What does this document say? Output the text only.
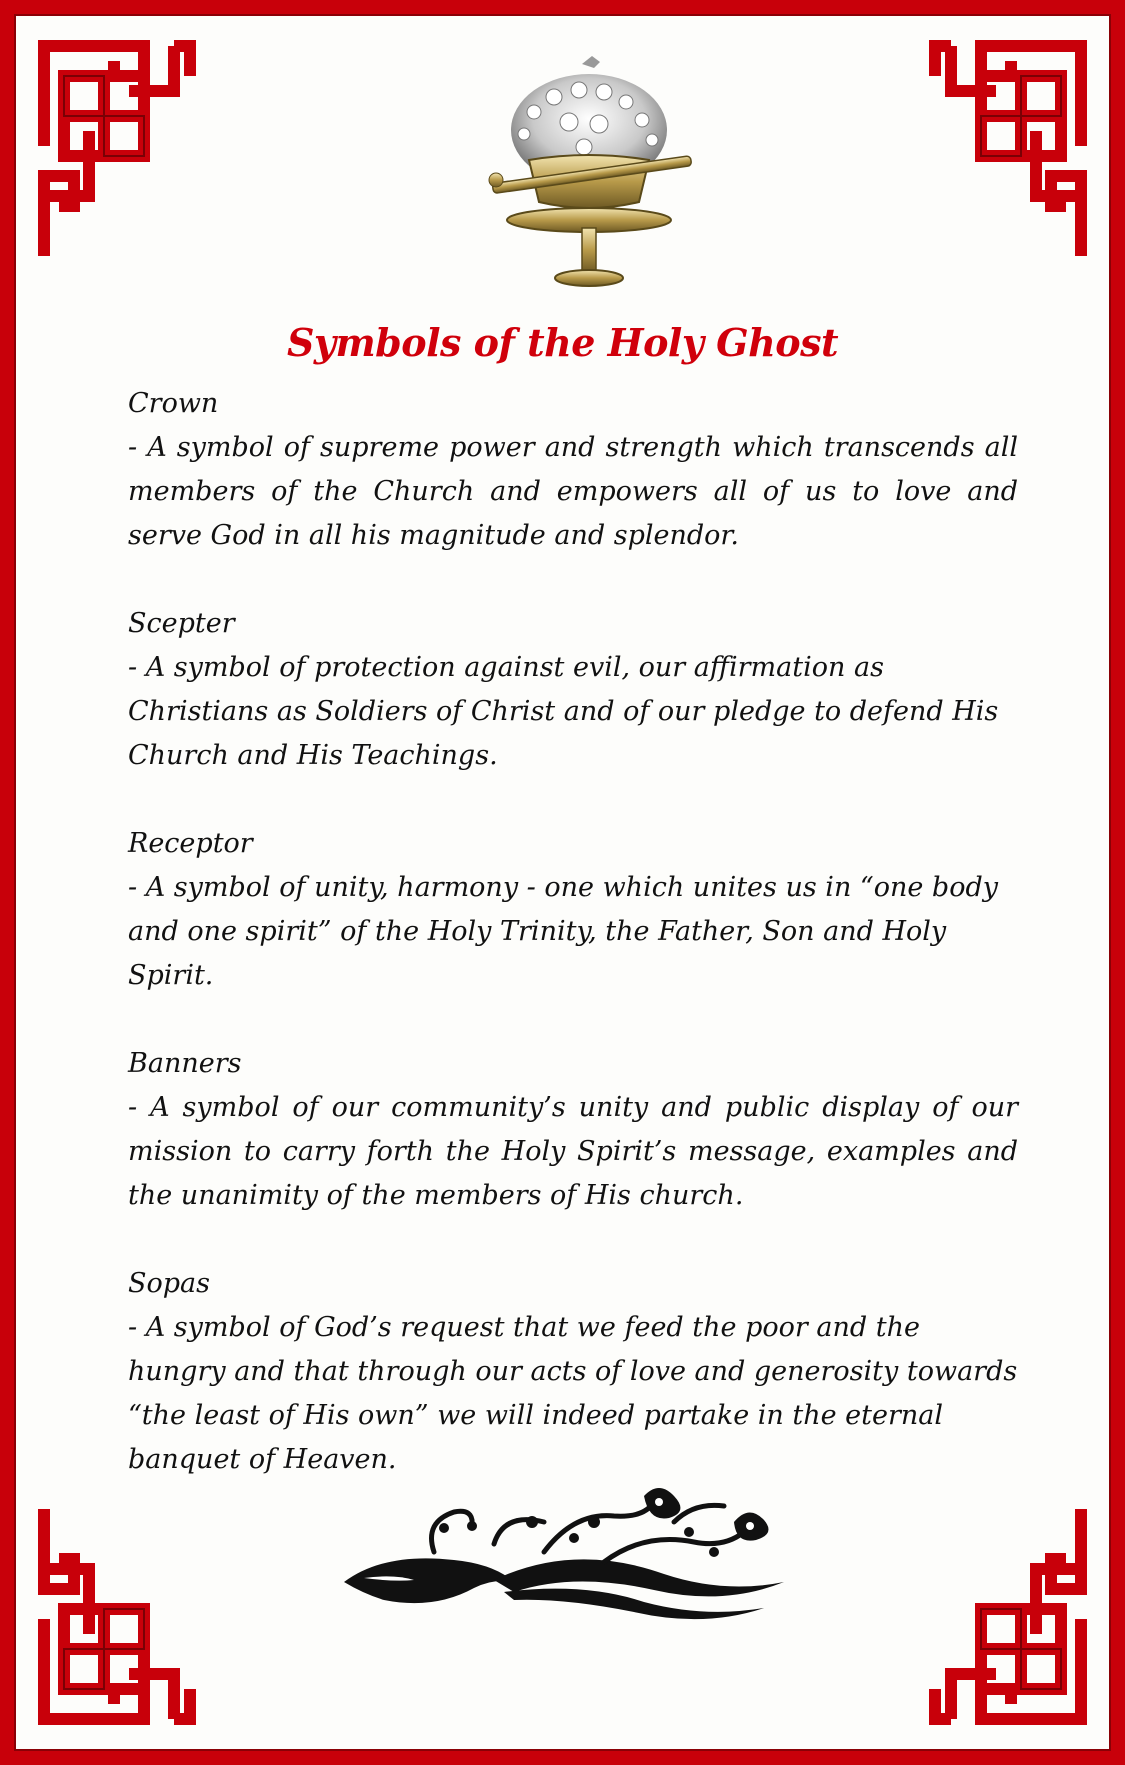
Symbols of the Holy Ghost
Crown
- A symbol of supreme power and strength which transcends all members of the Church and empowers all of us to love and serve God in all his magnitude and splendor.
Scepter
- A symbol of protection against evil, our affirmation as Christians as Soldiers of Christ and of our pledge to defend His Church and His Teachings.
Receptor
- A symbol of unity, harmony - one which unites us in “one body and one spirit” of the Holy Trinity, the Father, Son and Holy Spirit.
Banners
- A symbol of our community’s unity and public display of our mission to carry forth the Holy Spirit’s message, examples and the unanimity of the members of His church.
Sopas
- A symbol of God’s request that we feed the poor and the hungry and that through our acts of love and generosity towards “the least of His own” we will indeed partake in the eternal banquet of Heaven.
